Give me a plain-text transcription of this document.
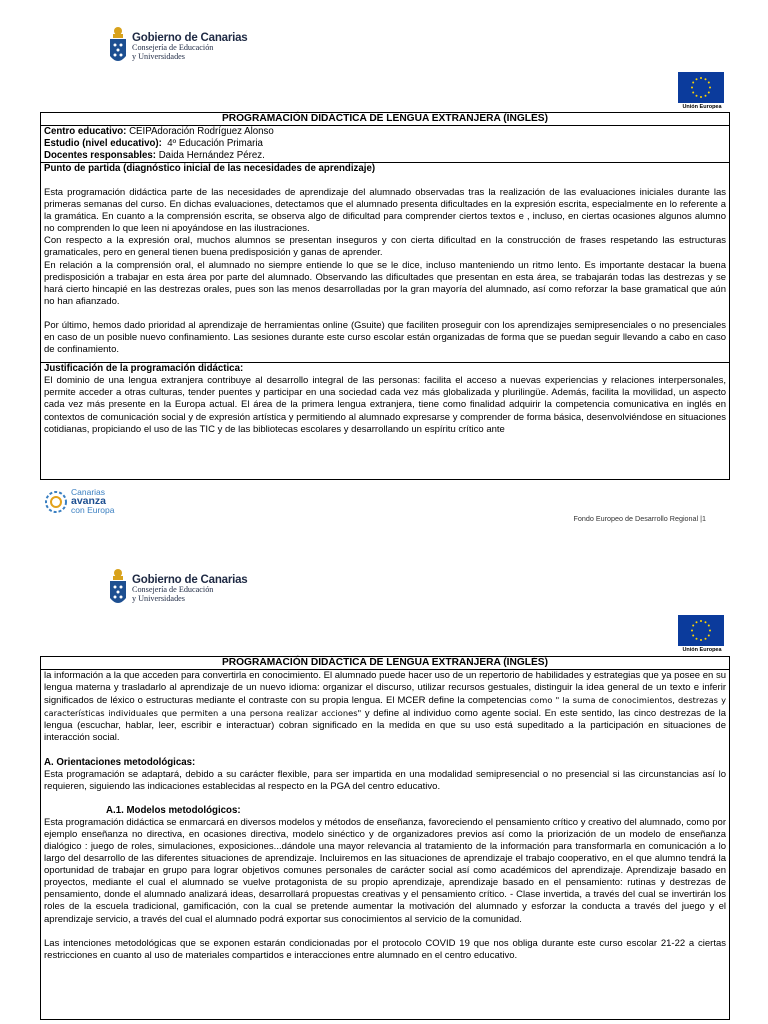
Gobierno de Canarias
Consejería de Educación
y Universidades
Unión Europea
PROGRAMACIÓN DIDÁCTICA DE LENGUA EXTRANJERA (INGLÉS)
Centro educativo: CEIPAdoración Rodríguez Alonso
Estudio (nivel educativo): 4º Educación Primaria
Docentes responsables: Daida Hernández Pérez.
Punto de partida (diagnóstico inicial de las necesidades de aprendizaje)
Esta programación didáctica parte de las necesidades de aprendizaje del alumnado observadas tras la realización de las evaluaciones iniciales durante las primeras semanas del curso. En dichas evaluaciones, detectamos que el alumnado presenta dificultades en la expresión escrita, especialmente en lo referente a la gramática. En cuanto a la comprensión escrita, se observa algo de dificultad para comprender ciertos textos e , incluso, en ciertas ocasiones algunos alumno no comprenden lo que leen ni apoyándose en las ilustraciones.
Con respecto a la expresión oral, muchos alumnos se presentan inseguros y con cierta dificultad en la construcción de frases respetando las estructuras gramaticales, pero en general tienen buena predisposición y ganas de aprender.
En relación a la comprensión oral, el alumnado no siempre entiende lo que se le dice, incluso manteniendo un ritmo lento. Es importante destacar la buena predisposición a trabajar en esta área por parte del alumnado. Observando las dificultades que presentan en esta área, se trabajarán todas las destrezas y se hará cierto hincapié en las destrezas orales, pues son las menos desarrolladas por la gran mayoría del alumnado, así como reforzar la base gramatical que aún no han afianzado.
Por último, hemos dado prioridad al aprendizaje de herramientas online (Gsuite) que faciliten proseguir con los aprendizajes semipresenciales o no presenciales en caso de un posible nuevo confinamiento. Las sesiones durante este curso escolar están organizadas de forma que se puedan seguir llevando a cabo en caso de confinamiento.
Justificación de la programación didáctica:
El dominio de una lengua extranjera contribuye al desarrollo integral de las personas: facilita el acceso a nuevas experiencias y relaciones interpersonales, permite acceder a otras culturas, tender puentes y participar en una sociedad cada vez más globalizada y plurilingüe. Además, facilita la movilidad, un aspecto cada vez más presente en la Europa actual. El área de la primera lengua extranjera, tiene como finalidad adquirir la competencia comunicativa en inglés en contextos de comunicación social y de expresión artística y permitiendo al alumnado expresarse y comprender de forma básica, desenvolviéndose en situaciones cotidianas, propiciando el uso de las TIC y de las bibliotecas escolares y desarrollando un espíritu crítico ante
Canarias
avanza
con Europa
Fondo Europeo de Desarrollo Regional |1
Gobierno de Canarias
Consejería de Educación
y Universidades
Unión Europea
PROGRAMACIÓN DIDÁCTICA DE LENGUA EXTRANJERA (INGLÉS)
la información a la que acceden para convertirla en conocimiento. El alumnado puede hacer uso de un repertorio de habilidades y estrategias que ya posee en su lengua materna y trasladarlo al aprendizaje de un nuevo idioma: organizar el discurso, utilizar recursos gestuales, distinguir la idea general de un texto e inferir significados de léxico o estructuras mediante el contraste con su propia lengua. El MCER define la competencias como " la suma de conocimientos, destrezas y características individuales que permiten a una persona realizar acciones" y define al individuo como agente social. En este sentido, las cinco destrezas de la lengua (escuchar, hablar, leer, escribir e interactuar) cobran significado en la medida en que su uso está supeditado a la participación en situaciones de interacción social.
A. Orientaciones metodológicas:
Esta programación se adaptará, debido a su carácter flexible, para ser impartida en una modalidad semipresencial o no presencial si las circunstancias así lo requieren, siguiendo las indicaciones establecidas al respecto en la PGA del centro educativo.
A.1. Modelos metodológicos:
Esta programación didáctica se enmarcará en diversos modelos y métodos de enseñanza, favoreciendo el pensamiento crítico y creativo del alumnado, como por ejemplo enseñanza no directiva, en ocasiones directiva, modelo sinéctico y de organizadores previos así como la priorización de un modelo de enseñanza dialógico : juego de roles, simulaciones, exposiciones...dándole una mayor relevancia al tratamiento de la información para transformarla en comunicación a lo largo del desarrollo de las diferentes situaciones de aprendizaje. Incluiremos en las situaciones de aprendizaje el trabajo cooperativo, en el que alumno tendrá la oportunidad de trabajar en grupo para lograr objetivos comunes personales de carácter social así como académicos del aprendizaje. Aprendizaje basado en proyectos, mediante el cual el alumnado se vuelve protagonista de su propio aprendizaje, aprendizaje basado en el pensamiento: rutinas y destrezas de pensamiento, donde el alumnado analizará ideas, desarrollará propuestas creativas y el pensamiento crítico. - Clase invertida, a través del cual se invertirán los roles de la escuela tradicional, gamificación, con la cual se pretende aumentar la motivación del alumnado y esforzar la conducta a través del juego y el aprendizaje servicio, a través del cual el alumnado podrá exportar sus conocimientos al servicio de la comunidad.
Las intenciones metodológicas que se exponen estarán condicionadas por el protocolo COVID 19 que nos obliga durante este curso escolar 21-22 a ciertas restricciones en cuanto al uso de materiales compartidos e interacciones entre alumnado en el centro educativo.
